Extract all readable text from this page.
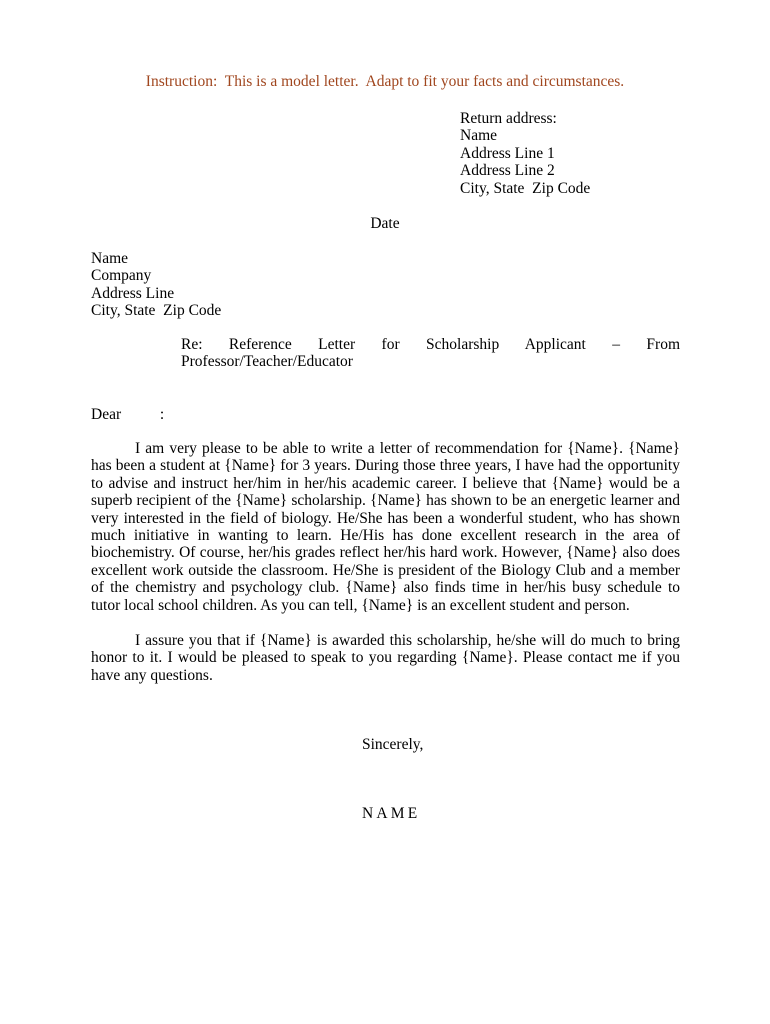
Instruction:  This is a model letter.  Adapt to fit your facts and circumstances.
Return address:
Name
Address Line 1
Address Line 2
City, State  Zip Code
Date
Name
Company
Address Line
City, State  Zip Code
Re: Reference Letter for Scholarship Applicant – From
Professor/Teacher/Educator
Dear          :

I am very please to be able to write a letter of recommendation for {Name}. {Name} has been a student at {Name} for 3 years. During those three years, I have had the opportunity to advise and instruct her/him in her/his academic career. I believe that {Name} would be a superb recipient of the {Name} scholarship. {Name} has shown to be an energetic learner and very interested in the field of biology. He/She has been a wonderful student, who has shown much initiative in wanting to learn. He/His has done excellent research in the area of biochemistry. Of course, her/his grades reflect her/his hard work. However, {Name} also does excellent work outside the classroom. He/She is president of the Biology Club and a member of the chemistry and psychology club. {Name} also finds time in her/his busy schedule to tutor local school children. As you can tell, {Name} is an excellent student and person.

I assure you that if {Name} is awarded this scholarship, he/she will do much to bring honor to it. I would be pleased to speak to you regarding {Name}. Please contact me if you have any questions.

Sincerely,
NAME
